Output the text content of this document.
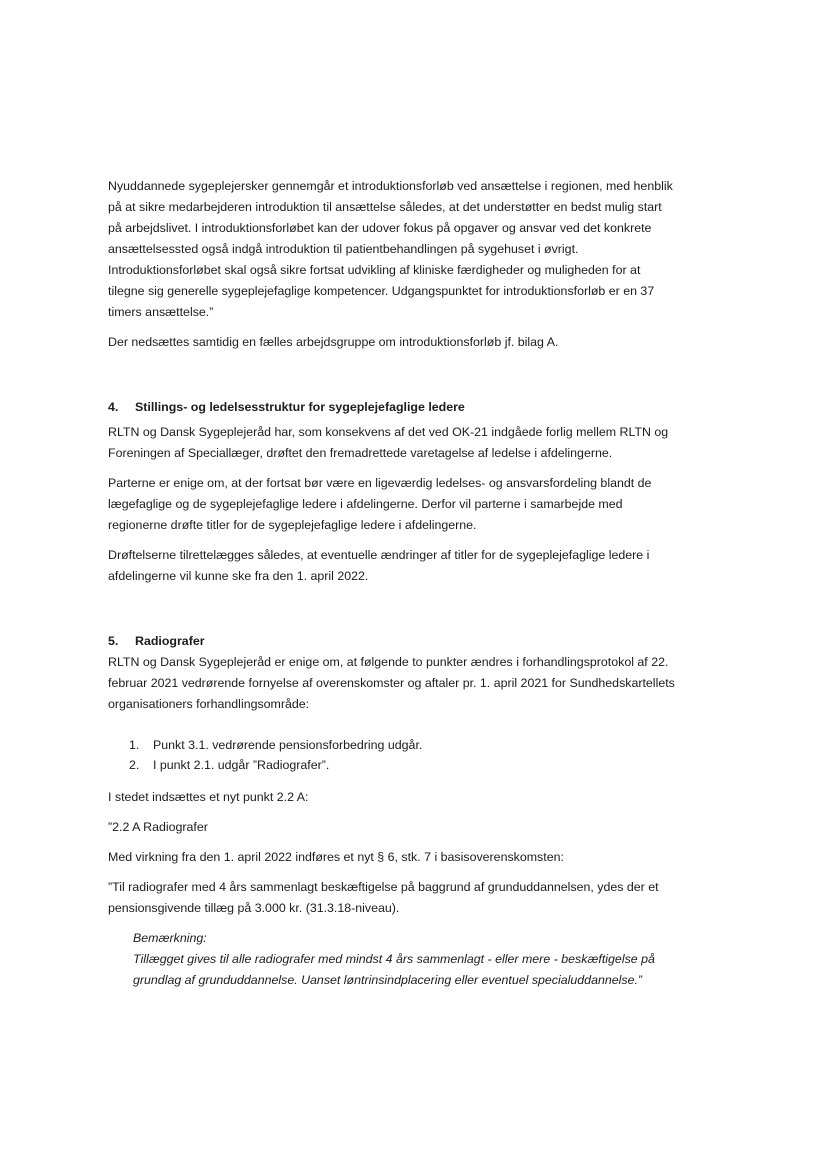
Nyuddannede sygeplejersker gennemgår et introduktionsforløb ved ansættelse i regionen, med henblik
på at sikre medarbejderen introduktion til ansættelse således, at det understøtter en bedst mulig start
på arbejdslivet. I introduktionsforløbet kan der udover fokus på opgaver og ansvar ved det konkrete
ansættelsessted også indgå introduktion til patientbehandlingen på sygehuset i øvrigt.
Introduktionsforløbet skal også sikre fortsat udvikling af kliniske færdigheder og muligheden for at
tilegne sig generelle sygeplejefaglige kompetencer. Udgangspunktet for introduktionsforløb er en 37
timers ansættelse.”

Der nedsættes samtidig en fælles arbejdsgruppe om introduktionsforløb jf. bilag A.

4.	Stillings- og ledelsesstruktur for sygeplejefaglige ledere

RLTN og Dansk Sygeplejeråd har, som konsekvens af det ved OK-21 indgåede forlig mellem RLTN og
Foreningen af Speciallæger, drøftet den fremadrettede varetagelse af ledelse i afdelingerne.

Parterne er enige om, at der fortsat bør være en ligeværdig ledelses- og ansvarsfordeling blandt de
lægefaglige og de sygeplejefaglige ledere i afdelingerne. Derfor vil parterne i samarbejde med
regionerne drøfte titler for de sygeplejefaglige ledere i afdelingerne.

Drøftelserne tilrettelægges således, at eventuelle ændringer af titler for de sygeplejefaglige ledere i
afdelingerne vil kunne ske fra den 1. april 2022.

5.	Radiografer

RLTN og Dansk Sygeplejeråd er enige om, at følgende to punkter ændres i forhandlingsprotokol af 22.
februar 2021 vedrørende fornyelse af overenskomster og aftaler pr. 1. april 2021 for Sundhedskartellets
organisationers forhandlingsområde:

1.	Punkt 3.1. vedrørende pensionsforbedring udgår.
2.	I punkt 2.1. udgår ”Radiografer”.

I stedet indsættes et nyt punkt 2.2 A:

”2.2 A Radiografer

Med virkning fra den 1. april 2022 indføres et nyt § 6, stk. 7 i basisoverenskomsten:

”Til radiografer med 4 års sammenlagt beskæftigelse på baggrund af grunduddannelsen, ydes der et
pensionsgivende tillæg på 3.000 kr. (31.3.18-niveau).

Bemærkning:
Tillægget gives til alle radiografer med mindst 4 års sammenlagt - eller mere - beskæftigelse på
grundlag af grunduddannelse. Uanset løntrinsindplacering eller eventuel specialuddannelse.”
